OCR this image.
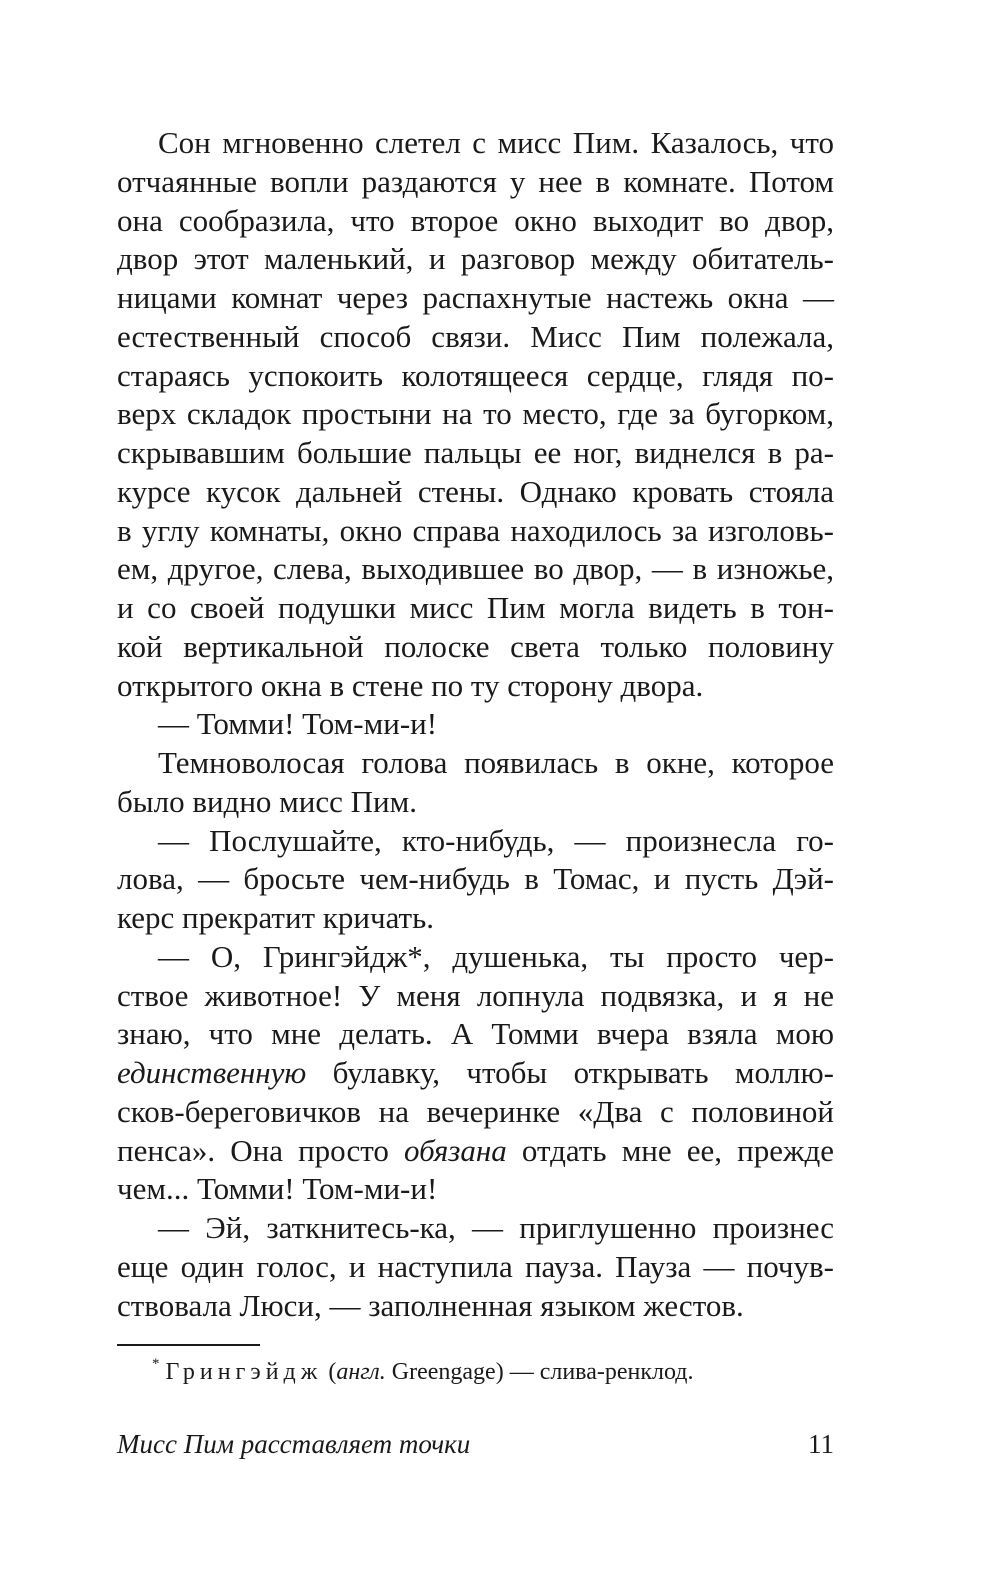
Сон мгновенно слетел с мисс Пим. Казалось, что
отчаянные вопли раздаются у нее в комнате. Потом
она сообразила, что второе окно выходит во двор,
двор этот маленький, и разговор между обитатель-
ницами комнат через распахнутые настежь окна —
естественный способ связи. Мисс Пим полежала,
стараясь успокоить колотящееся сердце, глядя по-
верх складок простыни на то место, где за бугорком,
скрывавшим большие пальцы ее ног, виднелся в ра-
курсе кусок дальней стены. Однако кровать стояла
в углу комнаты, окно справа находилось за изголовь-
ем, другое, слева, выходившее во двор, — в изножье,
и со своей подушки мисс Пим могла видеть в тон-
кой вертикальной полоске света только половину
открытого окна в стене по ту сторону двора.
— Томми! Том-ми-и!
Темноволосая голова появилась в окне, которое
было видно мисс Пим.
— Послушайте, кто-нибудь, — произнесла го-
лова, — бросьте чем-нибудь в Томас, и пусть Дэй-
керс прекратит кричать.
— О, Грингэйдж*, душенька, ты просто чер-
ствое животное! У меня лопнула подвязка, и я не
знаю, что мне делать. А Томми вчера взяла мою
единственную булавку, чтобы открывать моллю-
сков-береговичков на вечеринке «Два с половиной
пенса». Она просто обязана отдать мне ее, прежде
чем... Томми! Том-ми-и!
— Эй, заткнитесь-ка, — приглушенно произнес
еще один голос, и наступила пауза. Пауза — почув-
ствовала Люси, — заполненная языком жестов.
* Грингэйдж (англ. Greengage) — слива-ренклод.
Мисс Пим расставляет точки	11
